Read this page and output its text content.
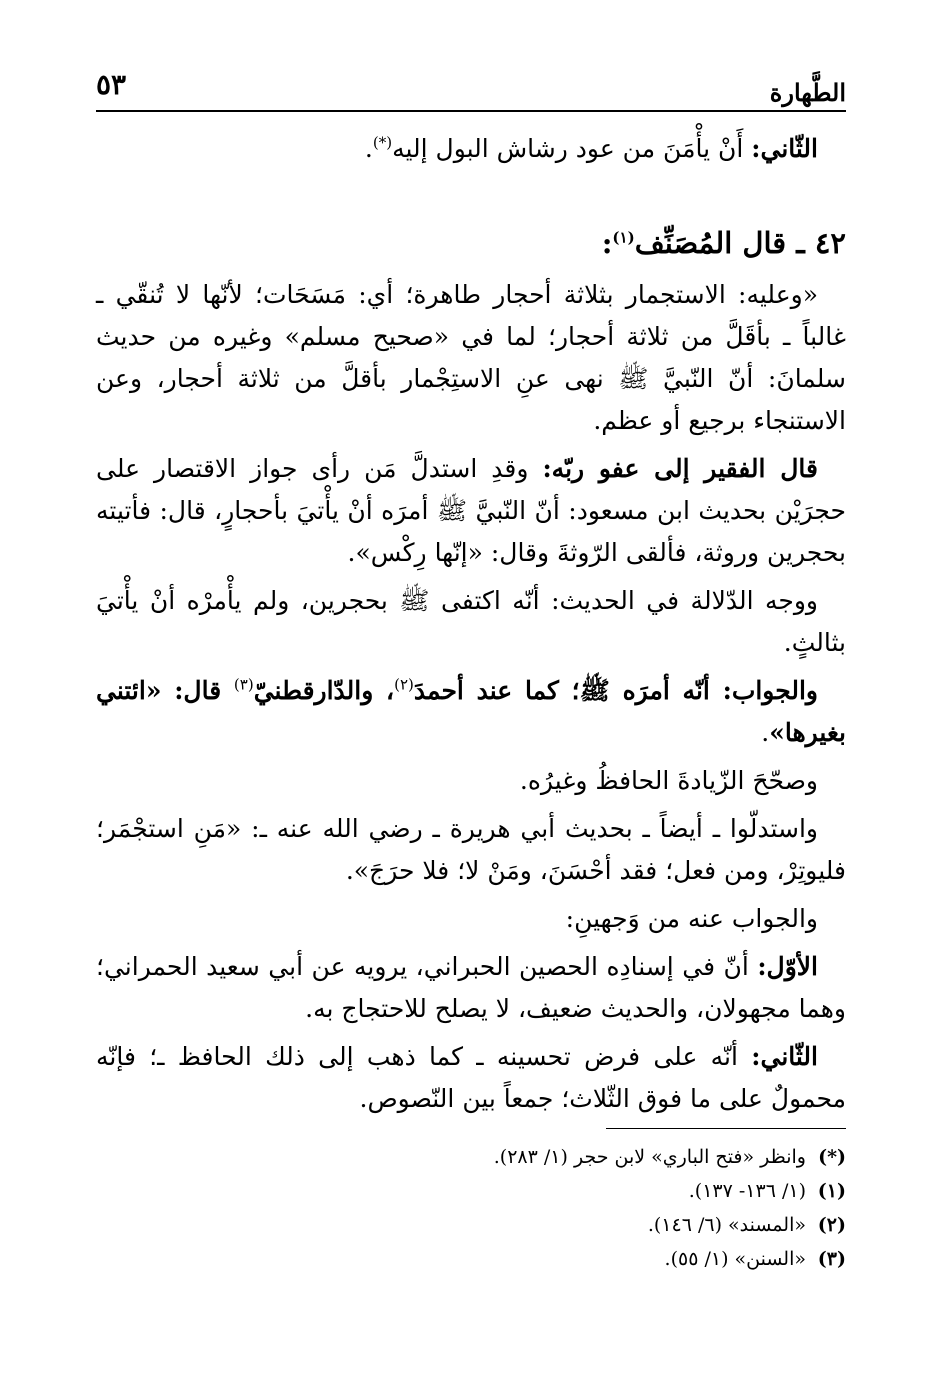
الطَّهارة
٥٣

الثّاني: أَنْ يأْمَنَ من عود رشاش البول إليه(*).

٤٢ ـ قال المُصَنِّف$^{(١)}$:

«وعليه: الاستجمار بثلاثة أحجار طاهرة؛ أي: مَسَحَات؛ لأنّها لا تُنقّي ـ غالباً ـ بأقَلَّ من ثلاثة أحجار؛ لما في «صحيح مسلم» وغيره من حديث سلمانَ: أنّ النّبيَّ ﷺ نهى عنِ الاستِجْمار بأقلَّ من ثلاثة أحجار، وعن الاستنجاء برجيع أو عظم.

قال الفقير إلى عفو ربّه: وقدِ استدلَّ مَن رأى جواز الاقتصار على حجرَيْن بحديث ابن مسعود: أنّ النّبيَّ ﷺ أمرَه أنْ يأْتيَ بأحجارٍ، قال: فأتيته بحجرين وروثة، فألقى الرّوثةَ وقال: «إنّها رِكْس».

ووجه الدّلالة في الحديث: أنّه اكتفى ﷺ بحجرين، ولم يأْمرْه أنْ يأْتيَ بثالثٍ.

والجواب: أنّه أمرَه ﷺ؛ كما عند أحمدَ$^{(٢)}$، والدّارقطنيّ$^{(٣)}$ قال: «ائتني بغيرها».

وصحّحَ الزّيادةَ الحافظُ وغيرُه.

واستدلّوا ـ أيضاً ـ بحديث أبي هريرة ـ رضي الله عنه ـ: «مَنِ استجْمَر؛ فليوتِرْ، ومن فعل؛ فقد أحْسَنَ، ومَنْ لا؛ فلا حرَجَ».

والجواب عنه من وَجهينِ:

الأوّل: أنّ في إسنادِه الحصين الحبراني، يرويه عن أبي سعيد الحمراني؛ وهما مجهولان، والحديث ضعيف، لا يصلح للاحتجاج به.

الثّاني: أنّه على فرض تحسينه ـ كما ذهب إلى ذلك الحافظ ـ؛ فإنّه محمولٌ على ما فوق الثّلاث؛ جمعاً بين النّصوص.

(*)وانظر «فتح الباري» لابن حجر (١/ ٢٨٣).

(١)(١/ ١٣٦- ١٣٧).

(٢)«المسند» (٦/ ١٤٦).

(٣)«السنن» (١/ ٥٥).
